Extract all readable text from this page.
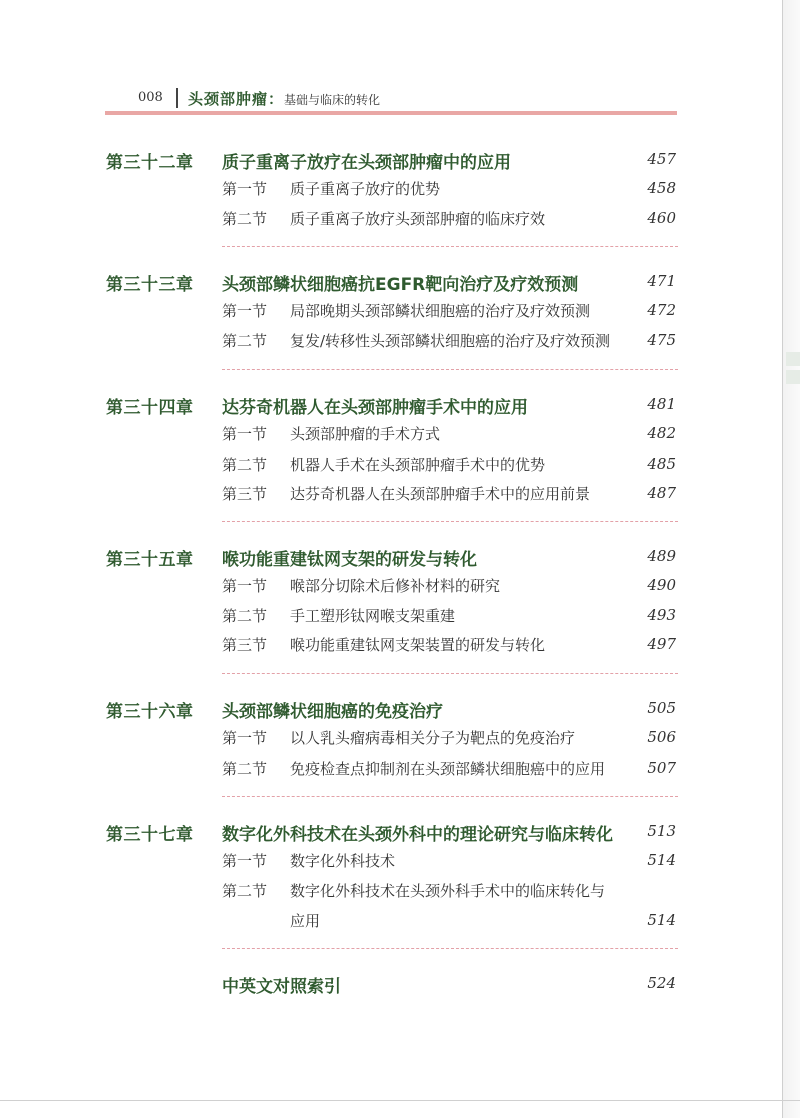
008 头颈部肿瘤：基础与临床的转化
第三十二章	质子重离子放疗在头颈部肿瘤中的应用	457
第一节 质子重离子放疗的优势	458
第二节 质子重离子放疗头颈部肿瘤的临床疗效	460
第三十三章	头颈部鳞状细胞癌抗EGFR靶向治疗及疗效预测	471
第一节 局部晚期头颈部鳞状细胞癌的治疗及疗效预测	472
第二节 复发/转移性头颈部鳞状细胞癌的治疗及疗效预测 475
第三十四章	达芬奇机器人在头颈部肿瘤手术中的应用	481
第一节 头颈部肿瘤的手术方式	482
第二节 机器人手术在头颈部肿瘤手术中的优势	485
第三节 达芬奇机器人在头颈部肿瘤手术中的应用前景	487
第三十五章	喉功能重建钛网支架的研发与转化	489
第一节 喉部分切除术后修补材料的研究	490
第二节 手工塑形钛网喉支架重建	493
第三节 喉功能重建钛网支架装置的研发与转化	497
第三十六章	头颈部鳞状细胞癌的免疫治疗	505
第一节 以人乳头瘤病毒相关分子为靶点的免疫治疗	506
第二节 免疫检查点抑制剂在头颈部鳞状细胞癌中的应用	507
第三十七章	数字化外科技术在头颈外科中的理论研究与临床转化 513
第一节 数字化外科技术	514
第二节 数字化外科技术在头颈外科手术中的临床转化与
应用	514
中英文对照索引	524
